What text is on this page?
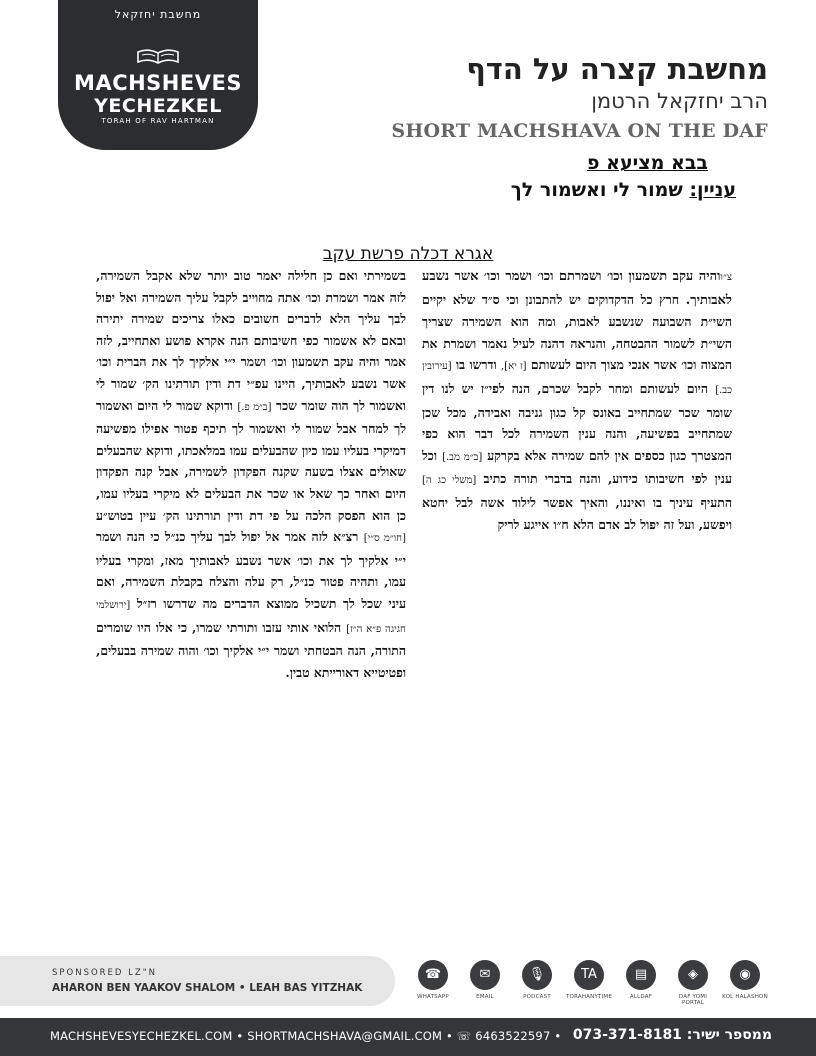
מחשבת יחזקאל
MACHSHEVES
YECHEZKEL
TORAH OF RAV HARTMAN
מחשבת קצרה על הדף
הרב יחזקאל הרטמן
SHORT MACHSHAVA ON THE DAF
בבא מציעא פ
עניין: שמור לי ואשמור לך
אגרא דכלה פרשת עקב
צ״ווהיה עקב תשמעון וכו׳ ושמרתם וכו׳ ושמר וכו׳ אשר נשבע לאבותיך. חרץ כל הדקדוקים יש להתבונן וכי ס״ד שלא יקיים השי״ת השבועה שנשבע לאבות, ומה הוא השמירה שצריך השי״ת לשמור ההבטחה, והנראה דהנה לעיל נאמר ושמרת את המצוה וכו׳ אשר אנכי מצוך היום לעשותם [ז יא], ודרשו בו [עירובין כב.] היום לעשותם ומחר לקבל שכרם, הנה לפי״ז יש לנו דין שומר שכר שמתחייב באונס קל כגון גניבה ואבידה, מכל שכן שמתחייב בפשיעה, והנה ענין השמירה לכל דבר הוא כפי המצטרך כגון כספים אין להם שמירה אלא בקרקע [ב״מ מב.] וכל ענין לפי חשיבותו כידוע, והנה בדברי תורה כתיב [משלי כג ה] התעיף עיניך בו ואיננו, והאיך אפשר לילוד אשה לבל יחטא ויפשע, ועל זה יפול לב אדם הלא ח״ו אייגע לריק
בשמירתי ואם כן חלילה יאמר טוב יותר שלא אקבל השמירה, לזה אמר ושמרת וכו׳ אתה מחוייב לקבל עליך השמירה ואל יפול לבך עליך הלא לדברים חשובים כאלו צריכים שמירה יתירה ובאם לא אשמור כפי חשיבותם הנה אקרא פושע ואתחייב, לזה אמר והיה עקב תשמעון וכו׳ ושמר י״י אלקיך לך את הברית וכו׳ אשר נשבע לאבותיך, היינו עפ״י דת ודין תורתינו הק׳ שמור לי ואשמור לך הוה שומר שכר [ב״מ פ.] ודוקא שמור לי היום ואשמור לך למחר אבל שמור לי ואשמור לך תיכף פטור אפילו מפשיעה דמיקרי בעליו עמו כיון שהבעלים עמו במלאכתו, ודוקא שהבעלים שאולים אצלו בשעה שקנה הפקדון לשמירה, אבל קנה הפקדון היום ואחר כך שאל או שכר את הבעלים לא מיקרי בעליו עמו, כן הוא הפסק הלכה על פי דת ודין תורתינו הק׳ עיין בטוש״ע [חו״מ ס״י] רצ״א לזה אמר אל יפול לבך עליך כנ״ל כי הנה ושמר י״י אלקיך לך את וכו׳ אשר נשבע לאבותיך מאז, ומקרי בעליו עמו, ותהיה פטור כנ״ל, רק עלה והצלח בקבלת השמירה, ואם עיני שכל לך תשכיל ממוצא הדברים מה שדרשו רז״ל [ירושלמי חגיגה פ״א ה״ז] הלואי אותי עזבו ותורתי שמרו, כי אלו היו שומרים התורה, הנה הבטחתי ושמר י״י אלקיך וכו׳ והוה שמירה בבעלים, ופטיטייא דאורייתא טבין.
SPONSORED LZ"N
AHARON BEN YAAKOV SHALOM • LEAH BAS YITZHAK
☎
WHATSAPP
✉
EMAIL
🎙
PODCAST
TA
TORAHANYTIME
▤
ALLDAF
◈
DAF YOMI PORTAL
◉
KOL HALASHON
MACHSHEVESYECHEZKEL.COM • SHORTMACHSHAVA@GMAIL.COM • ☏ 6463522597 • ממספר ישיר: 073-371-8181
